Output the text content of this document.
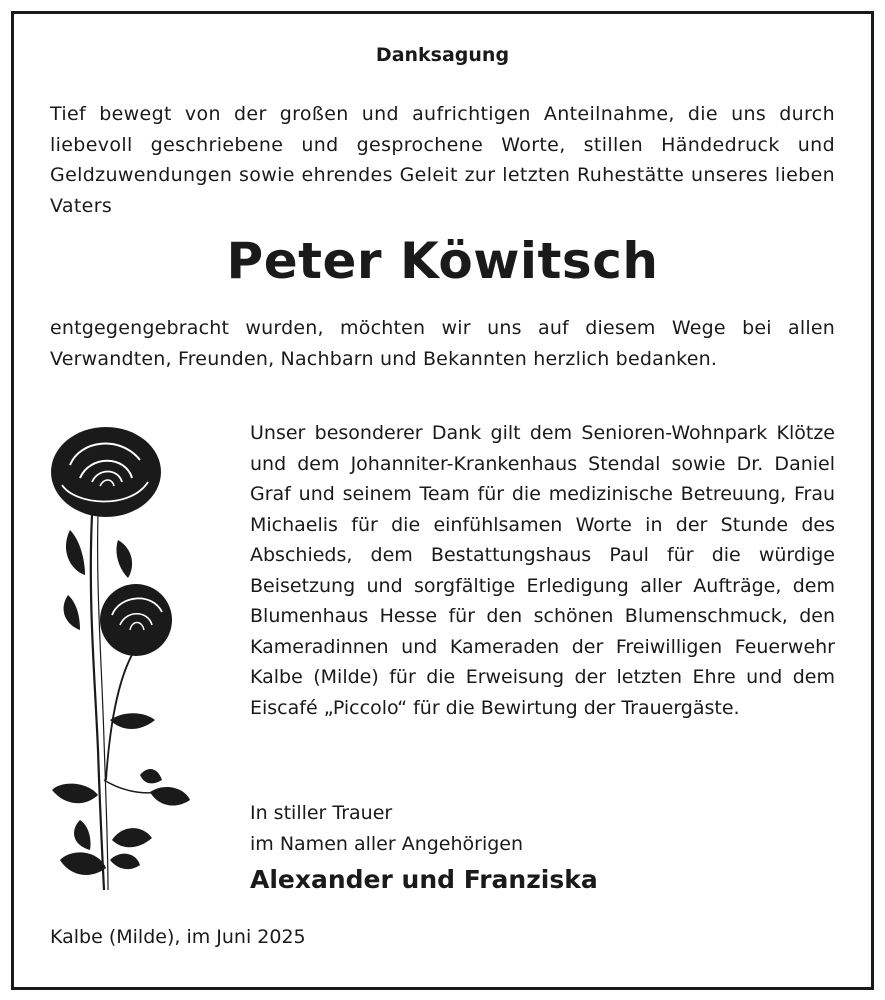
Danksagung
Tief bewegt von der großen und aufrichtigen Anteilnahme, die uns durch liebevoll geschriebene und gesprochene Worte, stillen Händedruck und Geldzuwendungen sowie ehrendes Geleit zur letzten Ruhestätte unseres lieben Vaters
Peter Köwitsch
entgegengebracht wurden, möchten wir uns auf diesem Wege bei allen Verwandten, Freunden, Nachbarn und Bekannten herzlich bedanken.
Unser besonderer Dank gilt dem Senioren-Wohnpark Klötze und dem Johanniter-Krankenhaus Stendal sowie Dr. Daniel Graf und seinem Team für die medizinische Betreuung, Frau Michaelis für die einfühlsamen Worte in der Stunde des Abschieds, dem Bestattungshaus Paul für die würdige Beisetzung und sorgfältige Erledigung aller Aufträge, dem Blumenhaus Hesse für den schönen Blumenschmuck, den Kameradinnen und Kameraden der Freiwilligen Feuerwehr Kalbe (Milde) für die Erweisung der letzten Ehre und dem Eiscafé „Piccolo“ für die Bewirtung der Trauergäste.
In stiller Trauer
im Namen aller Angehörigen
Alexander und Franziska
Kalbe (Milde), im Juni 2025
